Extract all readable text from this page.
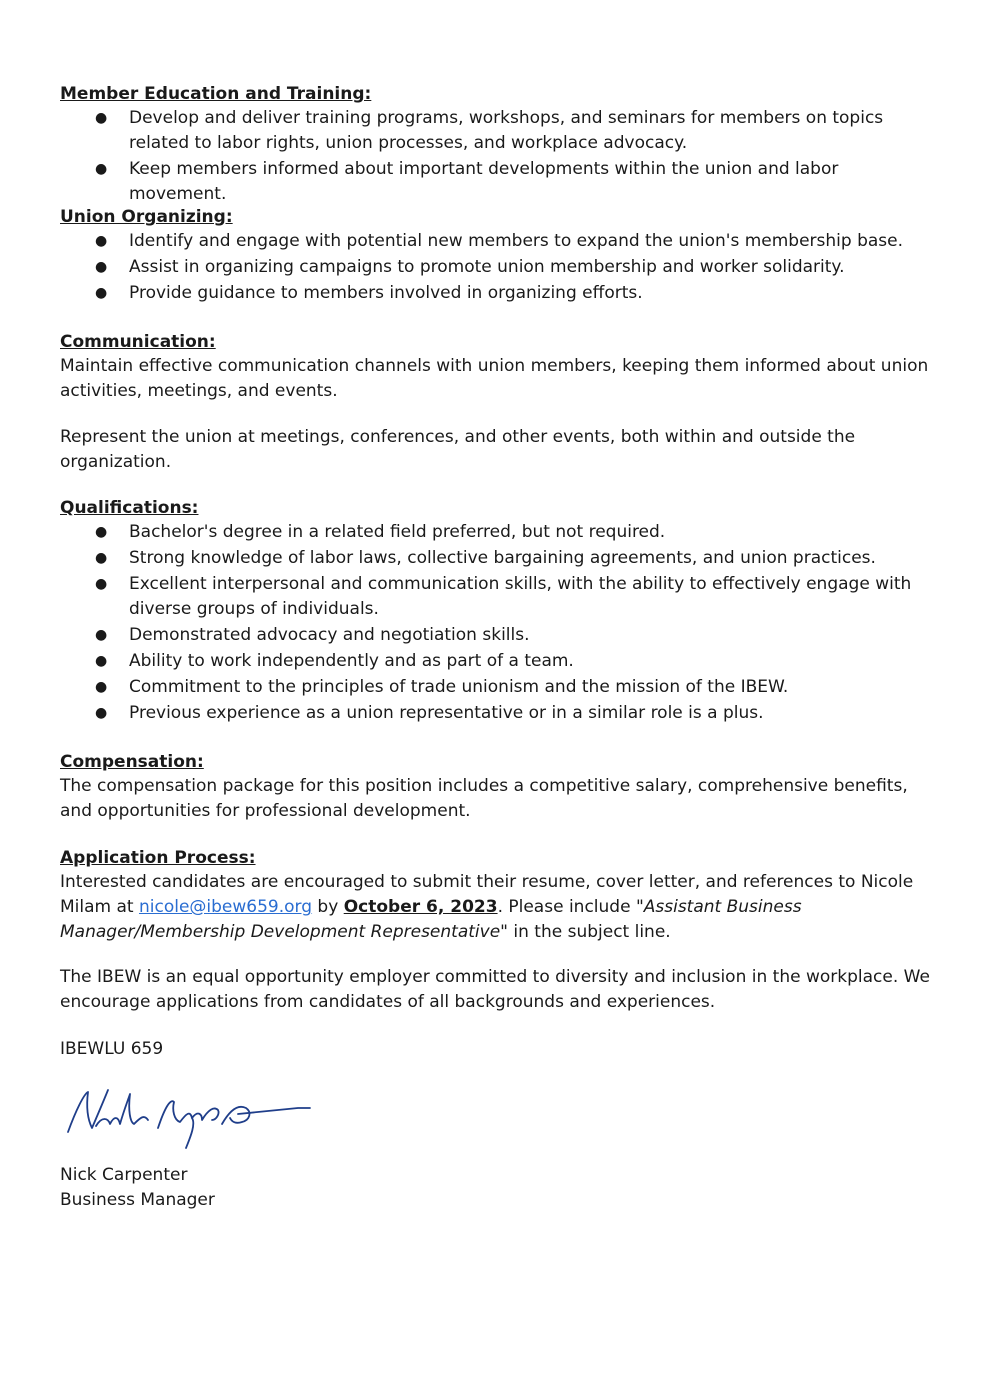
Member Education and Training:

● Develop and deliver training programs, workshops, and seminars for members on topics related to labor rights, union processes, and workplace advocacy.
● Keep members informed about important developments within the union and labor movement.

Union Organizing:

● Identify and engage with potential new members to expand the union's membership base.
● Assist in organizing campaigns to promote union membership and worker solidarity.
● Provide guidance to members involved in organizing efforts.

Communication:

Maintain effective communication channels with union members, keeping them informed about union activities, meetings, and events.

Represent the union at meetings, conferences, and other events, both within and outside the organization.

Qualifications:

● Bachelor's degree in a related field preferred, but not required.
● Strong knowledge of labor laws, collective bargaining agreements, and union practices.
● Excellent interpersonal and communication skills, with the ability to effectively engage with diverse groups of individuals.
● Demonstrated advocacy and negotiation skills.
● Ability to work independently and as part of a team.
● Commitment to the principles of trade unionism and the mission of the IBEW.
● Previous experience as a union representative or in a similar role is a plus.

Compensation:

The compensation package for this position includes a competitive salary, comprehensive benefits, and opportunities for professional development.

Application Process:

Interested candidates are encouraged to submit their resume, cover letter, and references to Nicole Milam at nicole@ibew659.org by October 6, 2023. Please include "Assistant Business Manager/Membership Development Representative" in the subject line.

The IBEW is an equal opportunity employer committed to diversity and inclusion in the workplace. We encourage applications from candidates of all backgrounds and experiences.

IBEWLU 659

Nick Carpenter

Business Manager
